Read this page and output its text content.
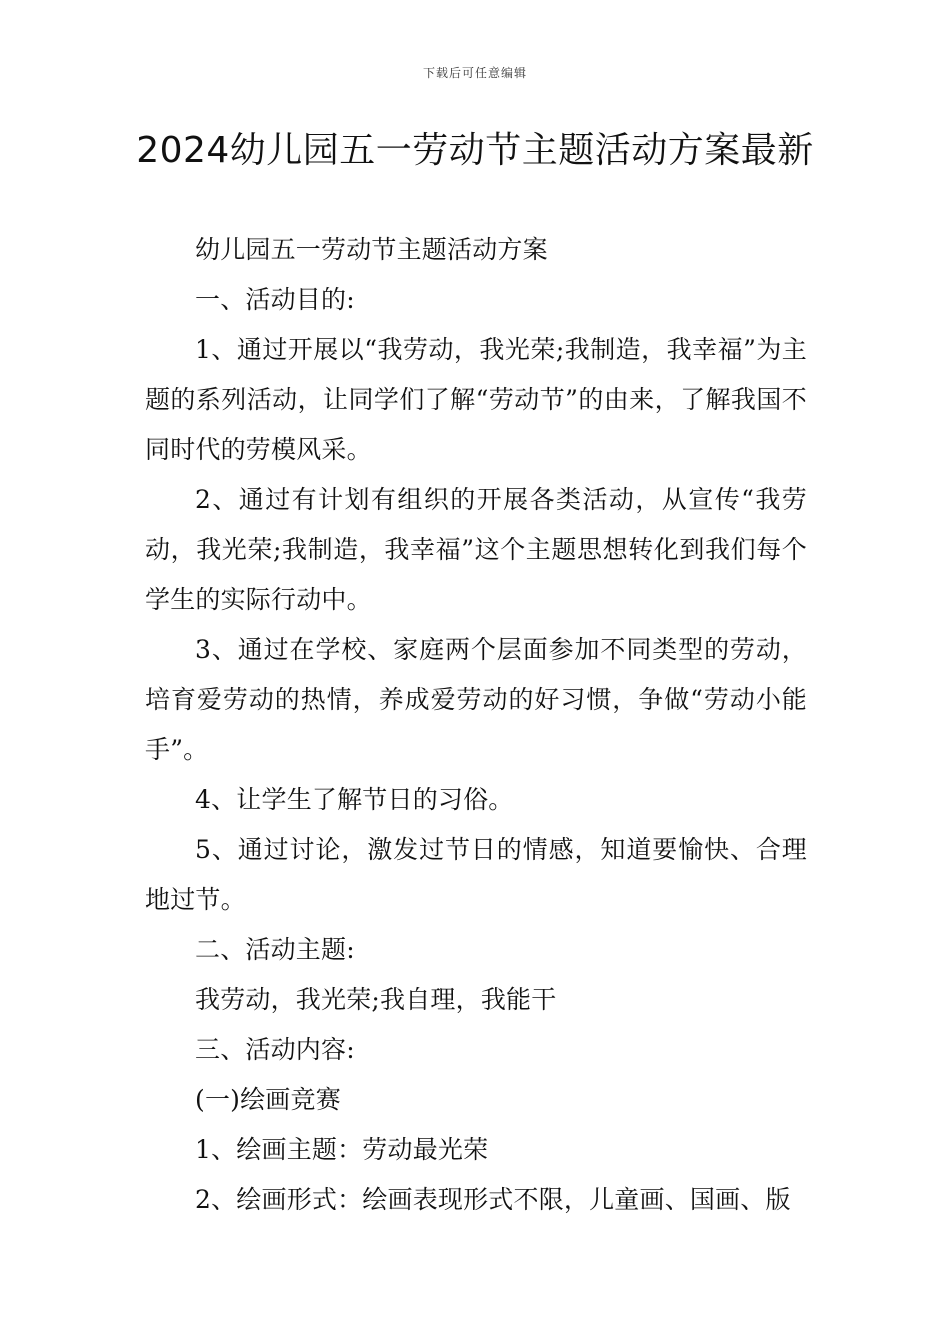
下载后可任意编辑
2024幼儿园五一劳动节主题活动方案最新

幼儿园五一劳动节主题活动方案

一、活动目的:

1、通过开展以“我劳动，我光荣;我制造，我幸福”为主题的系列活动，让同学们了解“劳动节”的由来，了解我国不同时代的劳模风采。

2、通过有计划有组织的开展各类活动，从宣传“我劳动，我光荣;我制造，我幸福”这个主题思想转化到我们每个学生的实际行动中。

3、通过在学校、家庭两个层面参加不同类型的劳动，培育爱劳动的热情，养成爱劳动的好习惯，争做“劳动小能手”。

4、让学生了解节日的习俗。

5、通过讨论，激发过节日的情感，知道要愉快、合理地过节。

二、活动主题:

我劳动，我光荣;我自理，我能干

三、活动内容:

(一)绘画竞赛

1、绘画主题：劳动最光荣

2、绘画形式：绘画表现形式不限，儿童画、国画、版
